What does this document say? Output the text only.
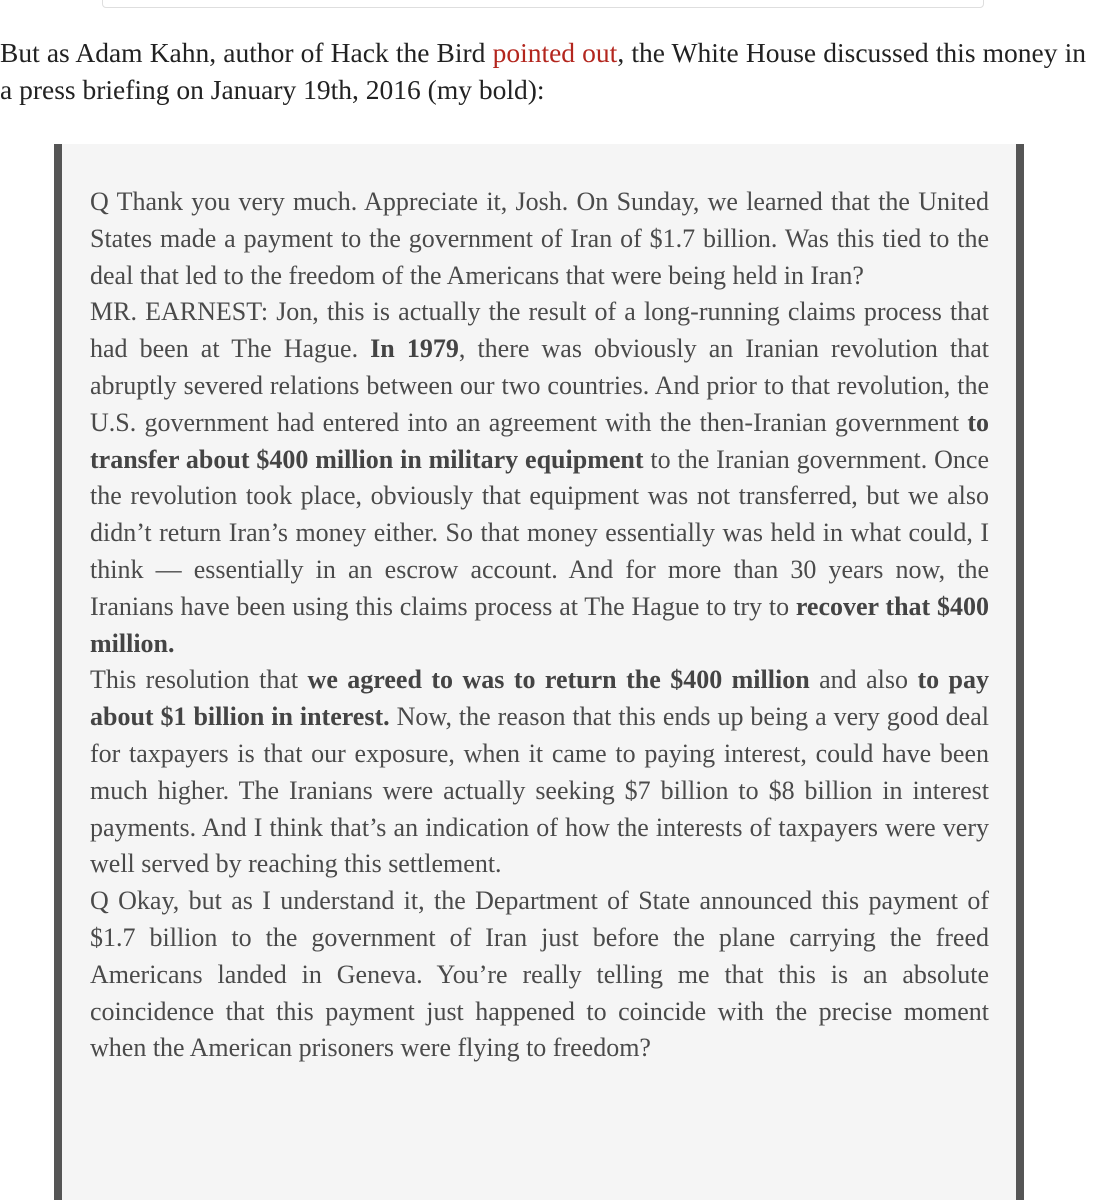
But as Adam Kahn, author of Hack the Bird pointed out, the White House discussed this money in a press briefing on January 19th, 2016 (my bold):

Q Thank you very much. Appreciate it, Josh. On Sunday, we learned that the United States made a payment to the government of Iran of $1.7 billion. Was this tied to the deal that led to the freedom of the Americans that were being held in Iran?

MR. EARNEST: Jon, this is actually the result of a long-running claims process that had been at The Hague. In 1979, there was obviously an Iranian revolution that abruptly severed relations between our two countries. And prior to that revolution, the U.S. government had entered into an agreement with the then-Iranian government to transfer about $400 million in military equipment to the Iranian government. Once the revolution took place, obviously that equipment was not transferred, but we also didn’t return Iran’s money either. So that money essentially was held in what could, I think — essentially in an escrow account. And for more than 30 years now, the Iranians have been using this claims process at The Hague to try to recover that $400 million.

This resolution that we agreed to was to return the $400 million and also to pay about $1 billion in interest. Now, the reason that this ends up being a very good deal for taxpayers is that our exposure, when it came to paying interest, could have been much higher. The Iranians were actually seeking $7 billion to $8 billion in interest payments. And I think that’s an indication of how the interests of taxpayers were very well served by reaching this settlement.

Q Okay, but as I understand it, the Department of State announced this payment of $1.7 billion to the government of Iran just before the plane carrying the freed Americans landed in Geneva. You’re really telling me that this is an absolute coincidence that this payment just happened to coincide with the precise moment when the American prisoners were flying to freedom?
